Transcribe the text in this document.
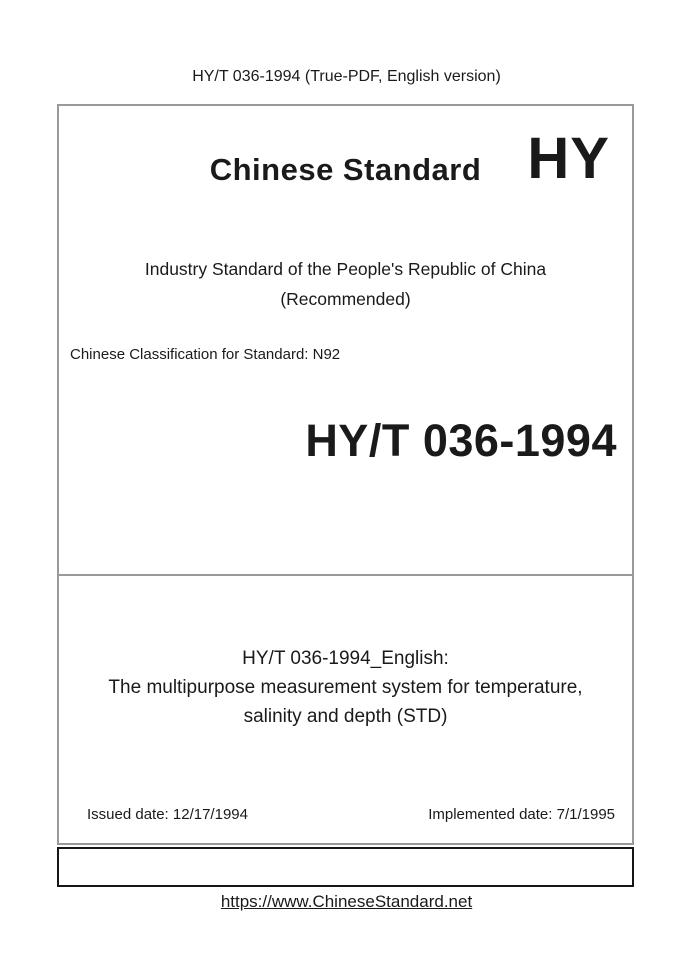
HY/T 036-1994 (True-PDF, English version)
Chinese Standard HY
Industry Standard of the People's Republic of China
(Recommended)
Chinese Classification for Standard: N92
HY/T 036-1994
HY/T 036-1994_English:
The multipurpose measurement system for temperature,
salinity and depth (STD)
Issued date: 12/17/1994	Implemented date: 7/1/1995
https://www.ChineseStandard.net
